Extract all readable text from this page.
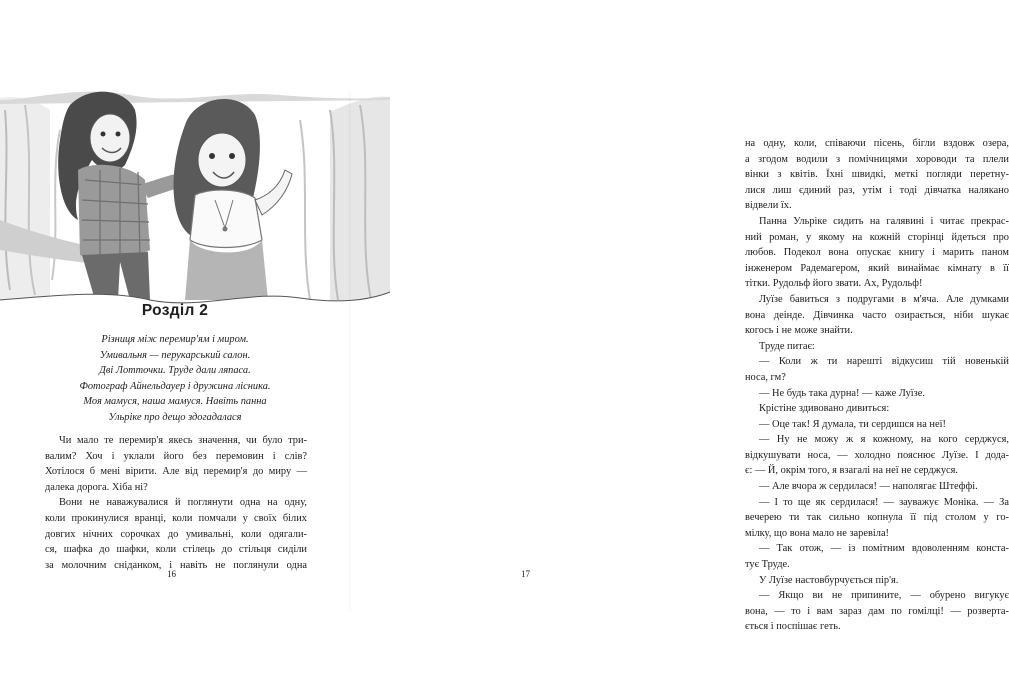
Розділ 2
Різниця між перемир'ям і миром.
Умивальня — перукарський салон.
Дві Лотточки. Труде дали ляпаса.
Фотограф Айнельдауер і дружина лісника.
Моя мамуся, наша мамуся. Навіть панна
Ульріке про дещо здогадалася
Чи мало те перемир'я якесь значення, чи було три-
валим? Хоч і уклали його без перемовин і слів?
Хотілося б мені вірити. Але від перемир'я до миру —
далека дорога. Хіба ні?
Вони не наважувалися й поглянути одна на одну,
коли прокинулися вранці, коли помчали у своїх білих
довгих нічних сорочках до умивальні, коли одягали-
ся, шафка до шафки, коли стілець до стільця сиділи
за молочним сніданком, і навіть не поглянули одна
16
на одну, коли, співаючи пісень, бігли вздовж озера,
а згодом водили з помічницями хороводи та плели
вінки з квітів. Їхні швидкі, меткі погляди перетну-
лися лиш єдиний раз, утім і тоді дівчатка налякано
відвели їх.
Панна Ульріке сидить на галявині і читає прекрас-
ний роман, у якому на кожній сторінці йдеться про
любов. Подекол вона опускає книгу і марить паном
інженером Радемагером, який винаймає кімнату в її
тітки. Рудольф його звати. Ах, Рудольф!
Луїзе бавиться з подругами в м'яча. Але думками
вона деінде. Дівчинка часто озирається, ніби шукає
когось і не може знайти.
Труде питає:
— Коли ж ти нарешті відкусиш тій новенькій
носа, гм?
— Не будь така дурна! — каже Луїзе.
Крістіне здивовано дивиться:
— Оце так! Я думала, ти сердишся на неї!
— Ну не можу ж я кожному, на кого серджуся,
відкушувати носа, — холодно пояснює Луїзе. І дода-
є: — Й, окрім того, я взагалі на неї не серджуся.
— Але вчора ж сердилася! — наполягає Штеффі.
— І то ще як сердилася! — зауважує Моніка. — За
вечерею ти так сильно копнула її під столом у го-
мілку, що вона мало не заревіла!
— Так отож, — із помітним вдоволенням конста-
тує Труде.
У Луїзе настовбурчується пір'я.
— Якщо ви не припините, — обурено вигукує
вона, — то і вам зараз дам по гомілці! — розверта-
ється і поспішає геть.
17
